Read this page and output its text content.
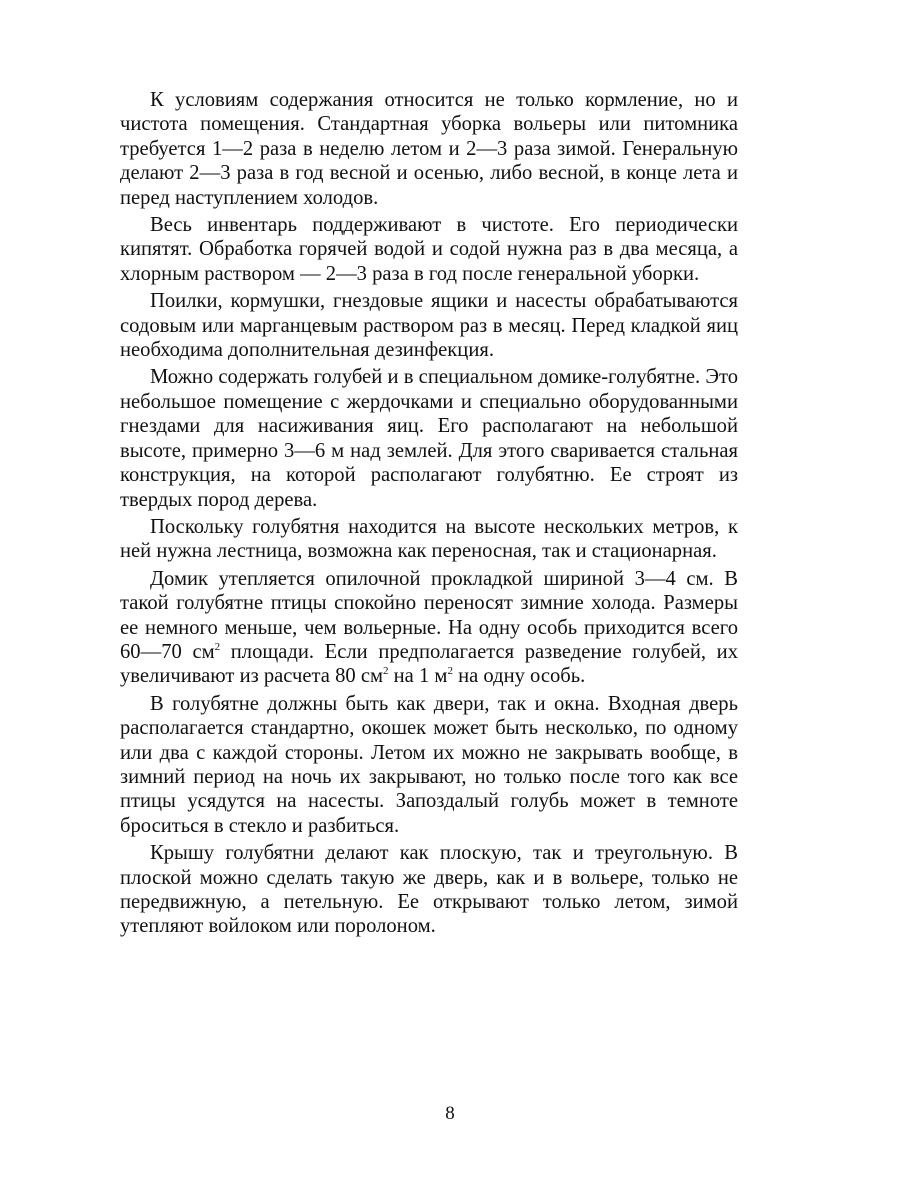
К условиям содержания относится не только кормление, но и чистота помещения. Стандартная уборка вольеры или питомника требуется 1—2 раза в неделю летом и 2—3 раза зимой. Генеральную делают 2—3 раза в год весной и осенью, либо весной, в конце лета и перед наступлением холодов.

Весь инвентарь поддерживают в чистоте. Его периодически кипятят. Обработка горячей водой и содой нужна раз в два месяца, а хлорным раствором — 2—3 раза в год после генеральной уборки.

Поилки, кормушки, гнездовые ящики и насесты обрабатываются содовым или марганцевым раствором раз в месяц. Перед кладкой яиц необходима дополнительная дезинфекция.

Можно содержать голубей и в специальном домике-голубятне. Это небольшое помещение с жердочками и специально оборудованными гнездами для насиживания яиц. Его располагают на небольшой высоте, примерно 3—6 м над землей. Для этого сваривается стальная конструкция, на которой располагают голубятню. Ее строят из твердых пород дерева.

Поскольку голубятня находится на высоте нескольких метров, к ней нужна лестница, возможна как переносная, так и стационарная.

Домик утепляется опилочной прокладкой шириной 3—4 см. В такой голубятне птицы спокойно переносят зимние холода. Размеры ее немного меньше, чем вольерные. На одну особь приходится всего 60—70 $см^2$ площади. Если предполагается разведение голубей, их увеличивают из расчета 80 $см^2$ на 1 $м^2$ на одну особь.

В голубятне должны быть как двери, так и окна. Входная дверь располагается стандартно, окошек может быть несколько, по одному или два с каждой стороны. Летом их можно не закрывать вообще, в зимний период на ночь их закрывают, но только после того как все птицы усядутся на насесты. Запоздалый голубь может в темноте броситься в стекло и разбиться.

Крышу голубятни делают как плоскую, так и треугольную. В плоской можно сделать такую же дверь, как и в вольере, только не передвижную, а петельную. Ее открывают только летом, зимой утепляют войлоком или поролоном.

8
